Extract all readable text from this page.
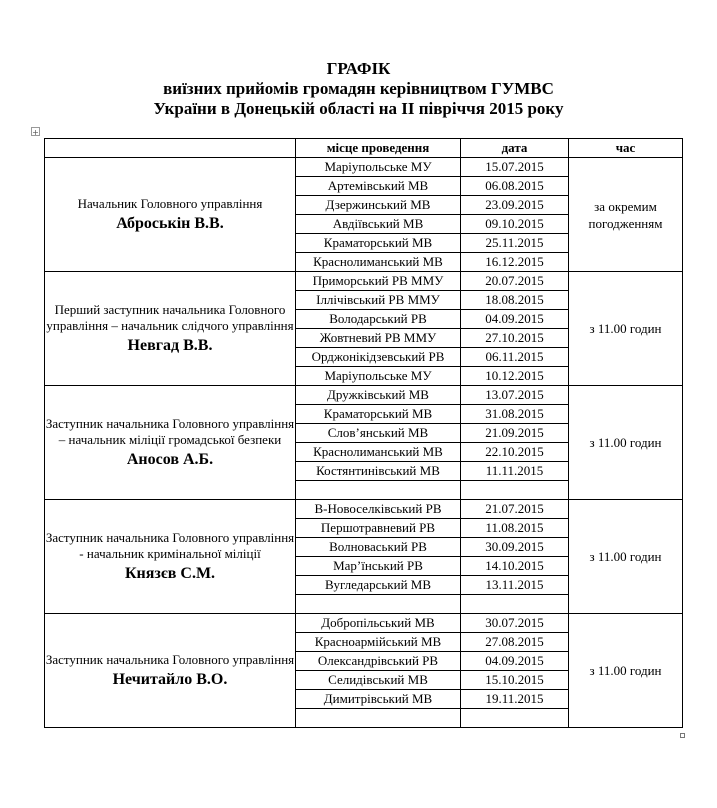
ГРАФІК
виїзних прийомів громадян керівництвом ГУМВС
України в Донецькій області на ІІ півріччя 2015 року
+
	місце проведення	дата	час
Начальник Головного управління
Аброськін В.В.	Маріупольське МУ	15.07.2015	за окремим погодженням
	Артемівський МВ	06.08.2015	
	Дзержинський МВ	23.09.2015	
	Авдіївський МВ	09.10.2015	
	Краматорський МВ	25.11.2015	
	Краснолиманський МВ	16.12.2015	
Перший заступник начальника Головного управління – начальник слідчого управління
Невгад В.В.	Приморський РВ ММУ	20.07.2015	з 11.00 годин
	Іллічівський РВ ММУ	18.08.2015	
	Володарський РВ	04.09.2015	
	Жовтневий РВ ММУ	27.10.2015	
	Орджонікідзевський РВ	06.11.2015	
	Маріупольське МУ	10.12.2015	
Заступник начальника Головного управління – начальник міліції громадської безпеки
Аносов А.Б.	Дружківський МВ	13.07.2015	з 11.00 годин
	Краматорський МВ	31.08.2015	
	Слов’янський МВ	21.09.2015	
	Краснолиманський МВ	22.10.2015	
	Костянтинівський МВ	11.11.2015	

Заступник начальника Головного управління - начальник кримінальної міліції
Князєв С.М.	В-Новоселківський РВ	21.07.2015	з 11.00 годин
	Першотравневий РВ	11.08.2015	
	Волноваський РВ	30.09.2015	
	Мар’їнський РВ	14.10.2015	
	Вугледарський МВ	13.11.2015	

Заступник начальника Головного управління
Нечитайло В.О.	Добропільський МВ	30.07.2015	з 11.00 годин
	Красноармійський МВ	27.08.2015	
	Олександрівський РВ	04.09.2015	
	Селидівський МВ	15.10.2015	
	Димитрівський МВ	19.11.2015	
